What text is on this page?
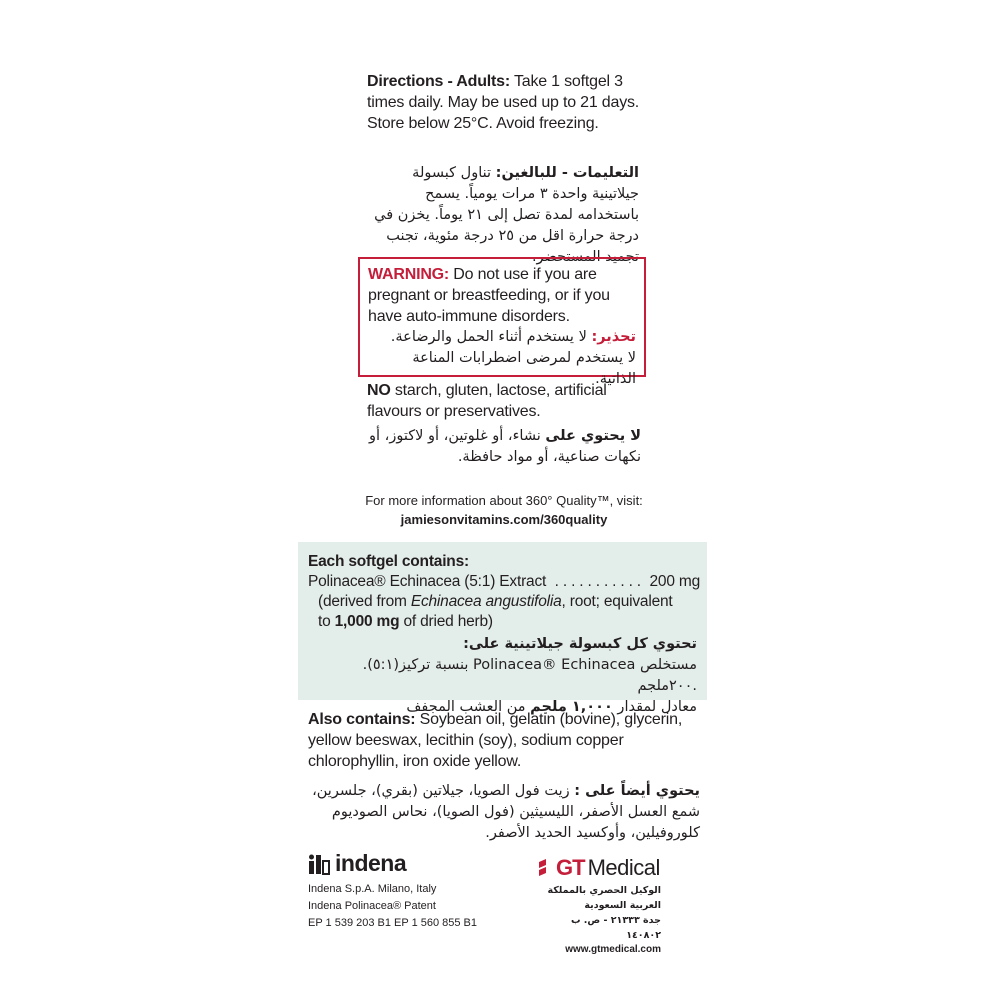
Directions - Adults: Take 1 softgel 3 times daily. May be used up to 21 days. Store below 25°C. Avoid freezing.
التعليمات - للبالغين: تناول كبسولة جيلاتينية واحدة ٣ مرات يومياً. يسمح باستخدامه لمدة تصل إلى ٢١ يوماً. يخزن في درجة حرارة اقل من ٢٥ درجة مئوية، تجنب تجميد المستحضر.
WARNING: Do not use if you are pregnant or breastfeeding, or if you have auto-immune disorders.

تحذير: لا يستخدم أثناء الحمل والرضاعة.

لا يستخدم لمرضى اضطرابات المناعة الذاتية.

NO starch, gluten, lactose, artificial flavours or preservatives.
لا يحتوي على نشاء، أو غلوتين، أو لاكتوز، أو نكهات صناعية، أو مواد حافظة.

For more information about 360° Quality™, visit:

jamiesonvitamins.com/360quality

Each softgel contains:

Polinacea® Echinacea (5:1) Extract . . . . . . . . . . . 200 mg

(derived from Echinacea angustifolia, root; equivalent

to 1,000 mg of dried herb)

تحتوي كل كبسولة جيلاتينية على:

مستخلص Polinacea® Echinacea بنسبة تركيز(٥:١). .٢٠٠ملجم

معادل لمقدار ١,٠٠٠ ملجم من العشب المجفف

Also contains: Soybean oil, gelatin (bovine), glycerin, yellow beeswax, lecithin (soy), sodium copper chlorophyllin, iron oxide yellow.
يحتوي أيضاً على : زيت فول الصويا، جيلاتين (بقري)، جلسرين، شمع العسل الأصفر، الليسيثين (فول الصويا)، نحاس الصوديوم كلوروفيلين، وأوكسيد الحديد الأصفر.
indena

Indena S.p.A. Milano, Italy

Indena Polinacea® Patent

EP 1 539 203 B1 EP 1 560 855 B1

GT Medical

الوكيل الحصري بالمملكة العربية السعودية

جدة ٢١٣٣٣ - ص. ب ١٤٠٨٠٢

www.gtmedical.com
